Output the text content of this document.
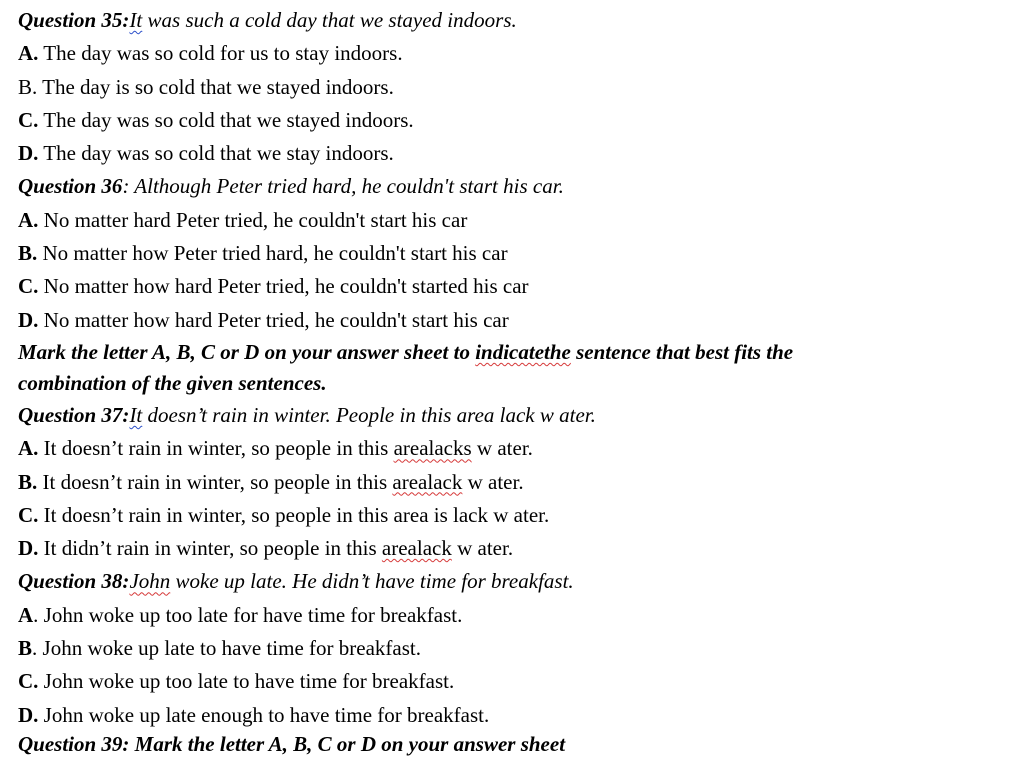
Question 35:It was such a cold day that we stayed indoors.
A. The day was so cold for us to stay indoors.
B. The day is so cold that we stayed indoors.
C. The day was so cold that we stayed indoors.
D. The day was so cold that we stay indoors.
Question 36: Although Peter tried hard, he couldn't start his car.
A. No matter hard Peter tried, he couldn't start his car
B. No matter how Peter tried hard, he couldn't start his car
C. No matter how hard Peter tried, he couldn't started his car
D. No matter how hard Peter tried, he couldn't start his car
Mark the letter A, B, C or D on your answer sheet to indicatethe sentence that best fits the
combination of the given sentences.
Question 37:It doesn’t rain in winter. People in this area lack w ater.
A. It doesn’t rain in winter, so people in this arealacks w ater.
B. It doesn’t rain in winter, so people in this arealack w ater.
C. It doesn’t rain in winter, so people in this area is lack w ater.
D. It didn’t rain in winter, so people in this arealack w ater.
Question 38:John woke up late. He didn’t have time for breakfast.
A. John woke up too late for have time for breakfast.
B. John woke up late to have time for breakfast.
C. John woke up too late to have time for breakfast.
D. John woke up late enough to have time for breakfast.
Question 39: Mark the letter A, B, C or D on your answer sheet
